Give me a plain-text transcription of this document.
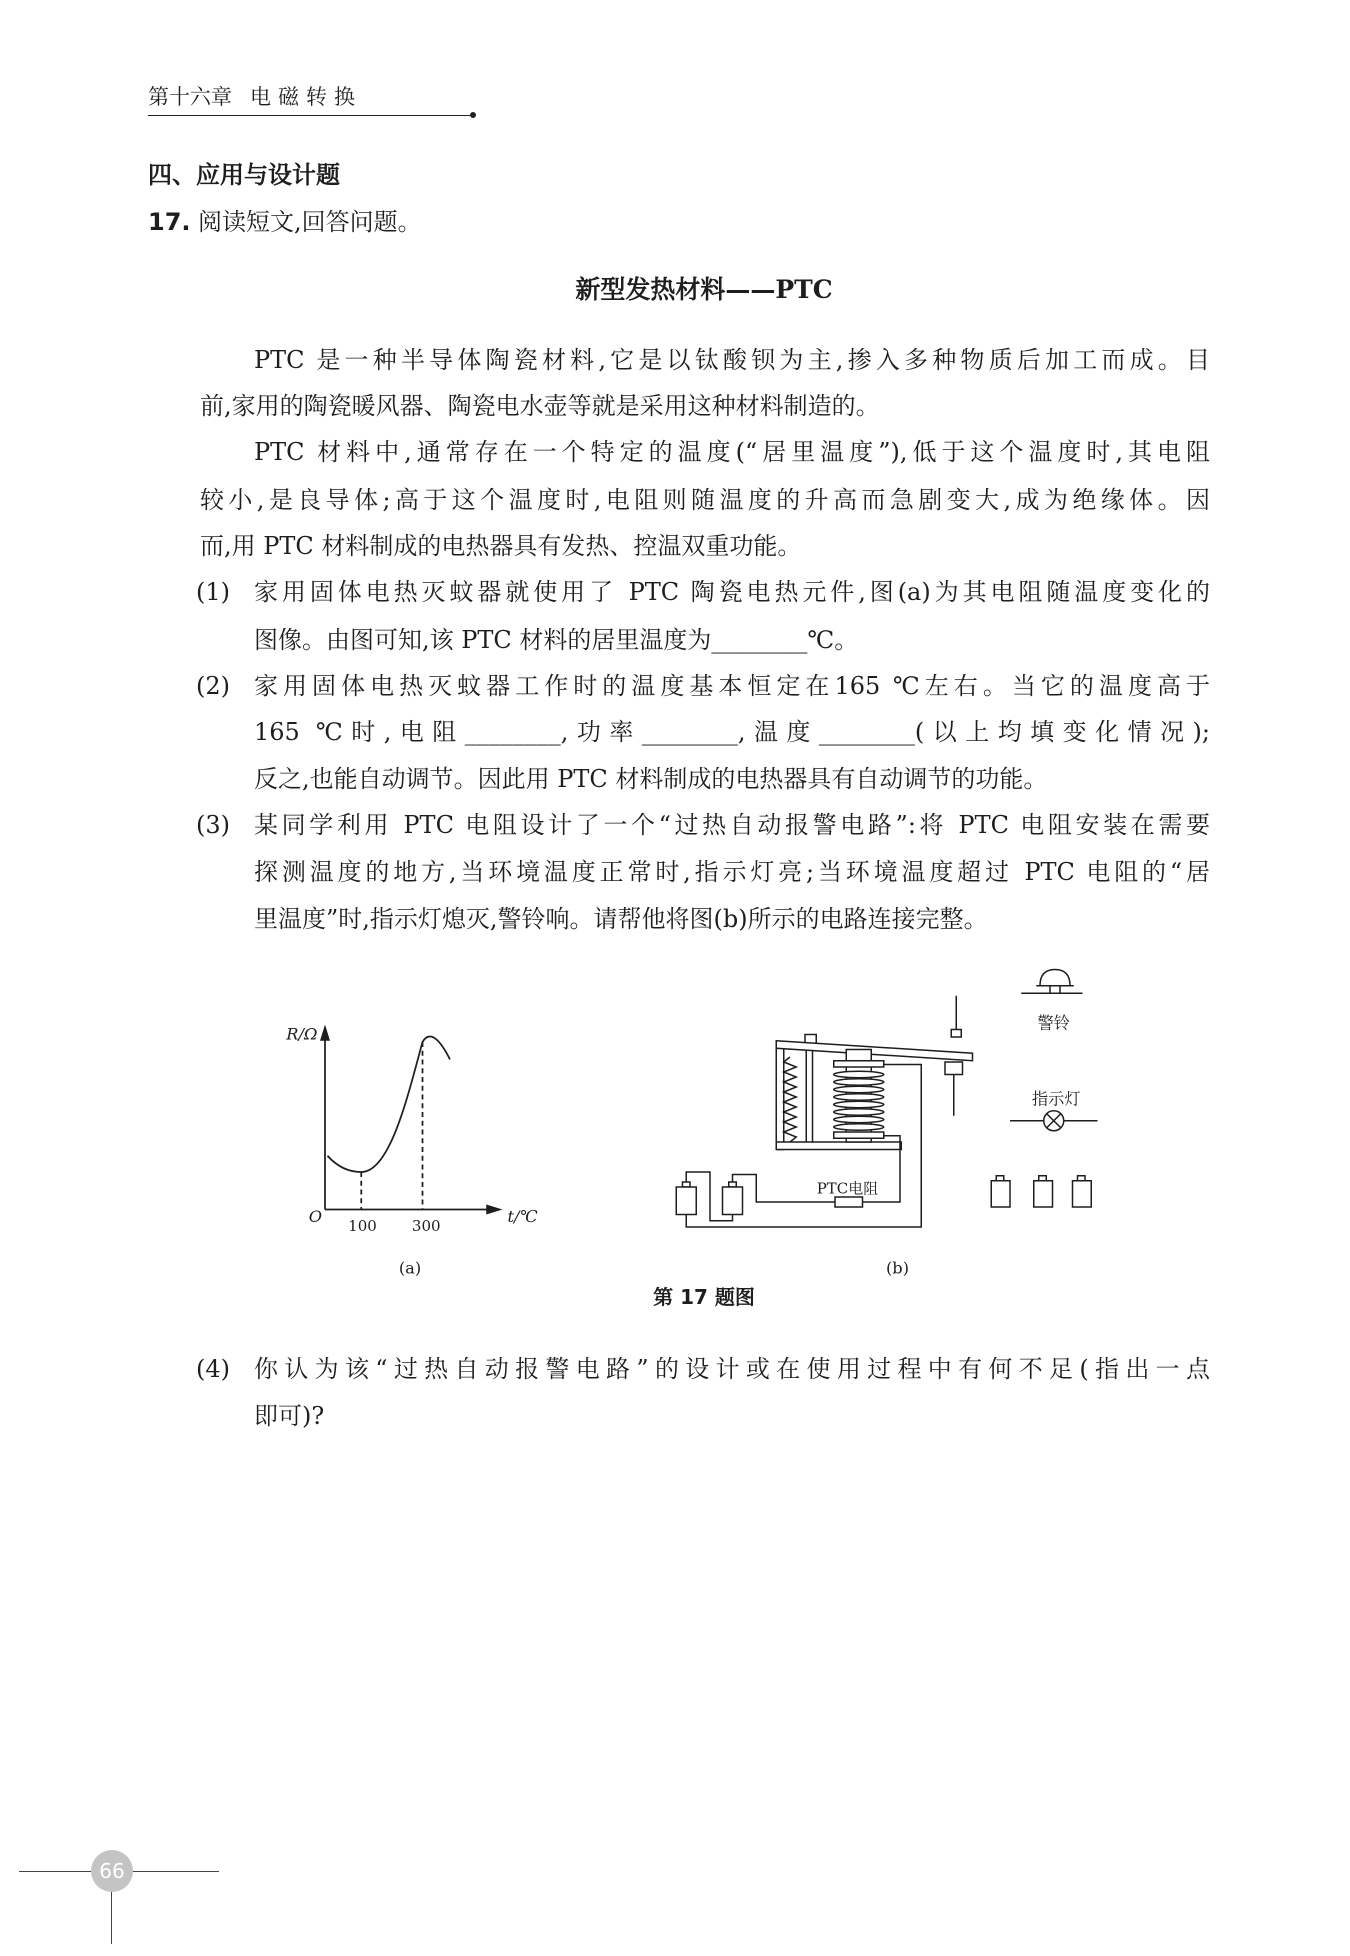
第十六章 电磁转换
四、应用与设计题
17. 阅读短文,回答问题。
新型发热材料——PTC
PTC 是一种半导体陶瓷材料,它是以钛酸钡为主,掺入多种物质后加工而成。目
前,家用的陶瓷暖风器、陶瓷电水壶等就是采用这种材料制造的。
PTC 材料中,通常存在一个特定的温度(“居里温度”),低于这个温度时,其电阻
较小,是良导体;高于这个温度时,电阻则随温度的升高而急剧变大,成为绝缘体。因
而,用 PTC 材料制成的电热器具有发热、控温双重功能。
(1)	家用固体电热灭蚊器就使用了 PTC 陶瓷电热元件,图(a)为其电阻随温度变化的
图像。由图可知,该 PTC 材料的居里温度为________℃。
(2)	家用固体电热灭蚊器工作时的温度基本恒定在165 ℃左右。当它的温度高于
165 ℃时,电阻________,功率________,温度________(以上均填变化情况);
反之,也能自动调节。因此用 PTC 材料制成的电热器具有自动调节的功能。
(3)	某同学利用 PTC 电阻设计了一个“过热自动报警电路”:将 PTC 电阻安装在需要
探测温度的地方,当环境温度正常时,指示灯亮;当环境温度超过 PTC 电阻的“居
里温度”时,指示灯熄灭,警铃响。请帮他将图(b)所示的电路连接完整。
R/Ω
O 100	300	t/℃
(a)
PTC电阻
警铃
指示灯
(b)
第 17 题图
(4)	你认为该“过热自动报警电路”的设计或在使用过程中有何不足(指出一点
即可)?
66
